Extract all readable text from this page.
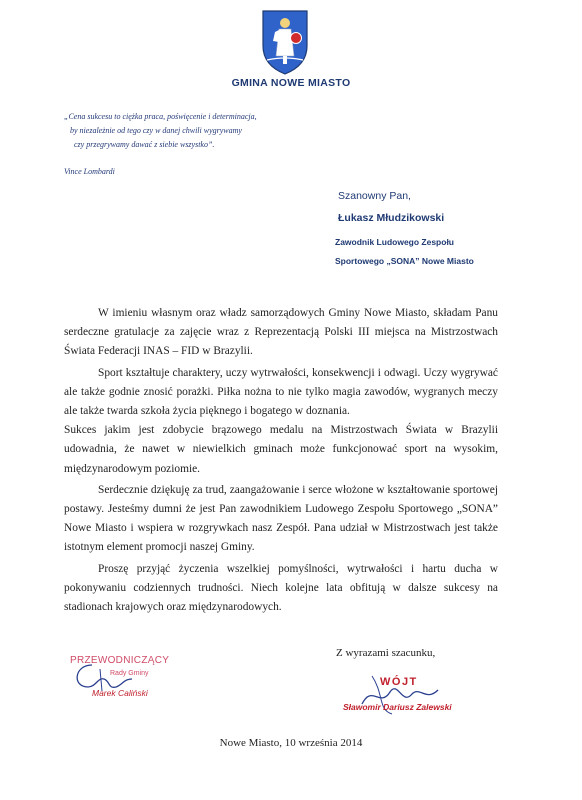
GMINA NOWE MIASTO
„Cena sukcesu to ciężka praca, poświęcenie i determinacja,
by niezależnie od tego czy w danej chwili wygrywamy
czy przegrywamy dawać z siebie wszystko”.
Vince Lombardi
Szanowny Pan,
Łukasz Młudzikowski
Zawodnik Ludowego Zespołu
Sportowego „SONA” Nowe Miasto

W imieniu własnym oraz władz samorządowych Gminy Nowe Miasto, składam Panu serdeczne gratulacje za zajęcie wraz z Reprezentacją Polski III miejsca na Mistrzostwach Świata Federacji INAS – FID w Brazylii.

Sport kształtuje charaktery, uczy wytrwałości, konsekwencji i odwagi. Uczy wygrywać ale także godnie znosić porażki. Piłka nożna to nie tylko magia zawodów, wygranych meczy ale także twarda szkoła życia pięknego i bogatego w doznania.

Sukces jakim jest zdobycie brązowego medalu na Mistrzostwach Świata w Brazylii udowadnia, że nawet w niewielkich gminach może funkcjonować sport na wysokim, międzynarodowym poziomie.

Serdecznie dziękuję za trud, zaangażowanie i serce włożone w kształtowanie sportowej postawy. Jesteśmy dumni że jest Pan zawodnikiem Ludowego Zespołu Sportowego „SONA” Nowe Miasto i wspiera w rozgrywkach nasz Zespół. Pana udział w Mistrzostwach jest także istotnym element promocji naszej Gminy.

Proszę przyjąć życzenia wszelkiej pomyślności, wytrwałości i hartu ducha w pokonywaniu codziennych trudności. Niech kolejne lata obfitują w dalsze sukcesy na stadionach krajowych oraz międzynarodowych.

Z wyrazami szacunku,
WÓJT
Sławomir Dariusz Zalewski
PRZEWODNICZĄCY
Rady Gminy
Marek Caliński
Nowe Miasto, 10 września 2014
